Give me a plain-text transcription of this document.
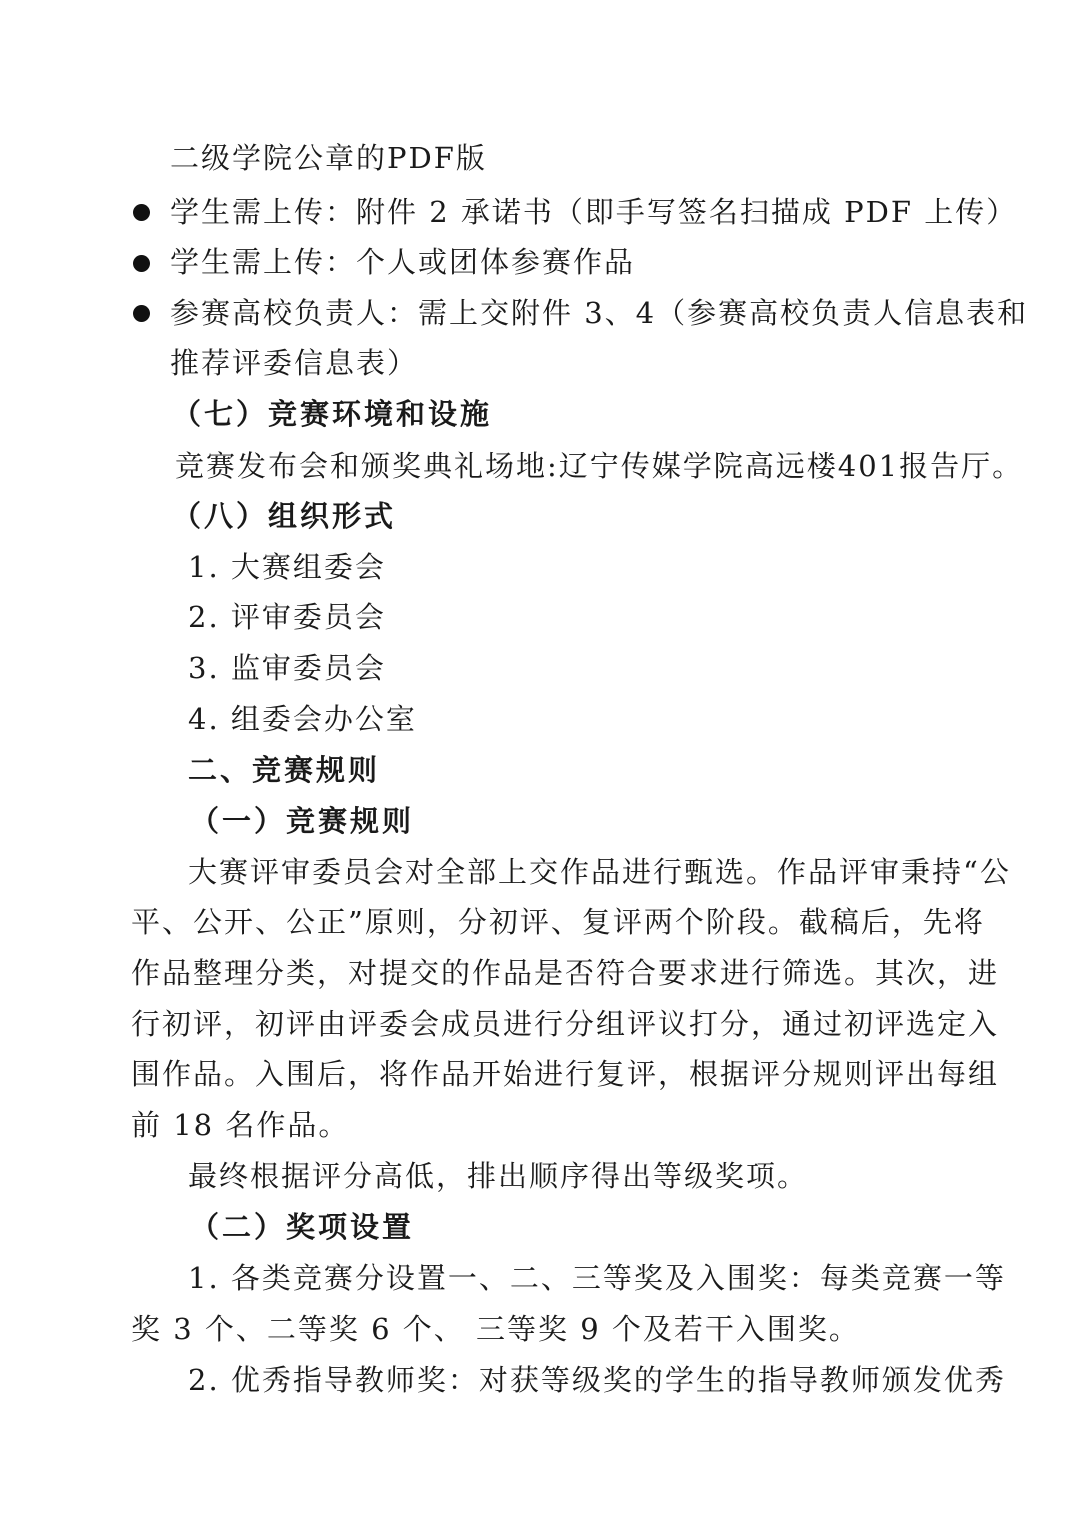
二级学院公章的PDF版
学生需上传：附件 2 承诺书（即手写签名扫描成 PDF 上传）
学生需上传：个人或团体参赛作品
参赛高校负责人：需上交附件 3、4（参赛高校负责人信息表和
推荐评委信息表）
（七）竞赛环境和设施
竞赛发布会和颁奖典礼场地:辽宁传媒学院高远楼401报告厅。
（八）组织形式
1. 大赛组委会
2. 评审委员会
3. 监审委员会
4. 组委会办公室
二、竞赛规则
（一）竞赛规则
大赛评审委员会对全部上交作品进行甄选。作品评审秉持“公
平、公开、公正”原则，分初评、复评两个阶段。截稿后，先将
作品整理分类，对提交的作品是否符合要求进行筛选。其次，进
行初评，初评由评委会成员进行分组评议打分，通过初评选定入
围作品。入围后，将作品开始进行复评，根据评分规则评出每组
前 18 名作品。
最终根据评分高低，排出顺序得出等级奖项。
（二）奖项设置
1. 各类竞赛分设置一、二、三等奖及入围奖：每类竞赛一等
奖 3 个、二等奖 6 个、 三等奖 9 个及若干入围奖。
2. 优秀指导教师奖：对获等级奖的学生的指导教师颁发优秀
